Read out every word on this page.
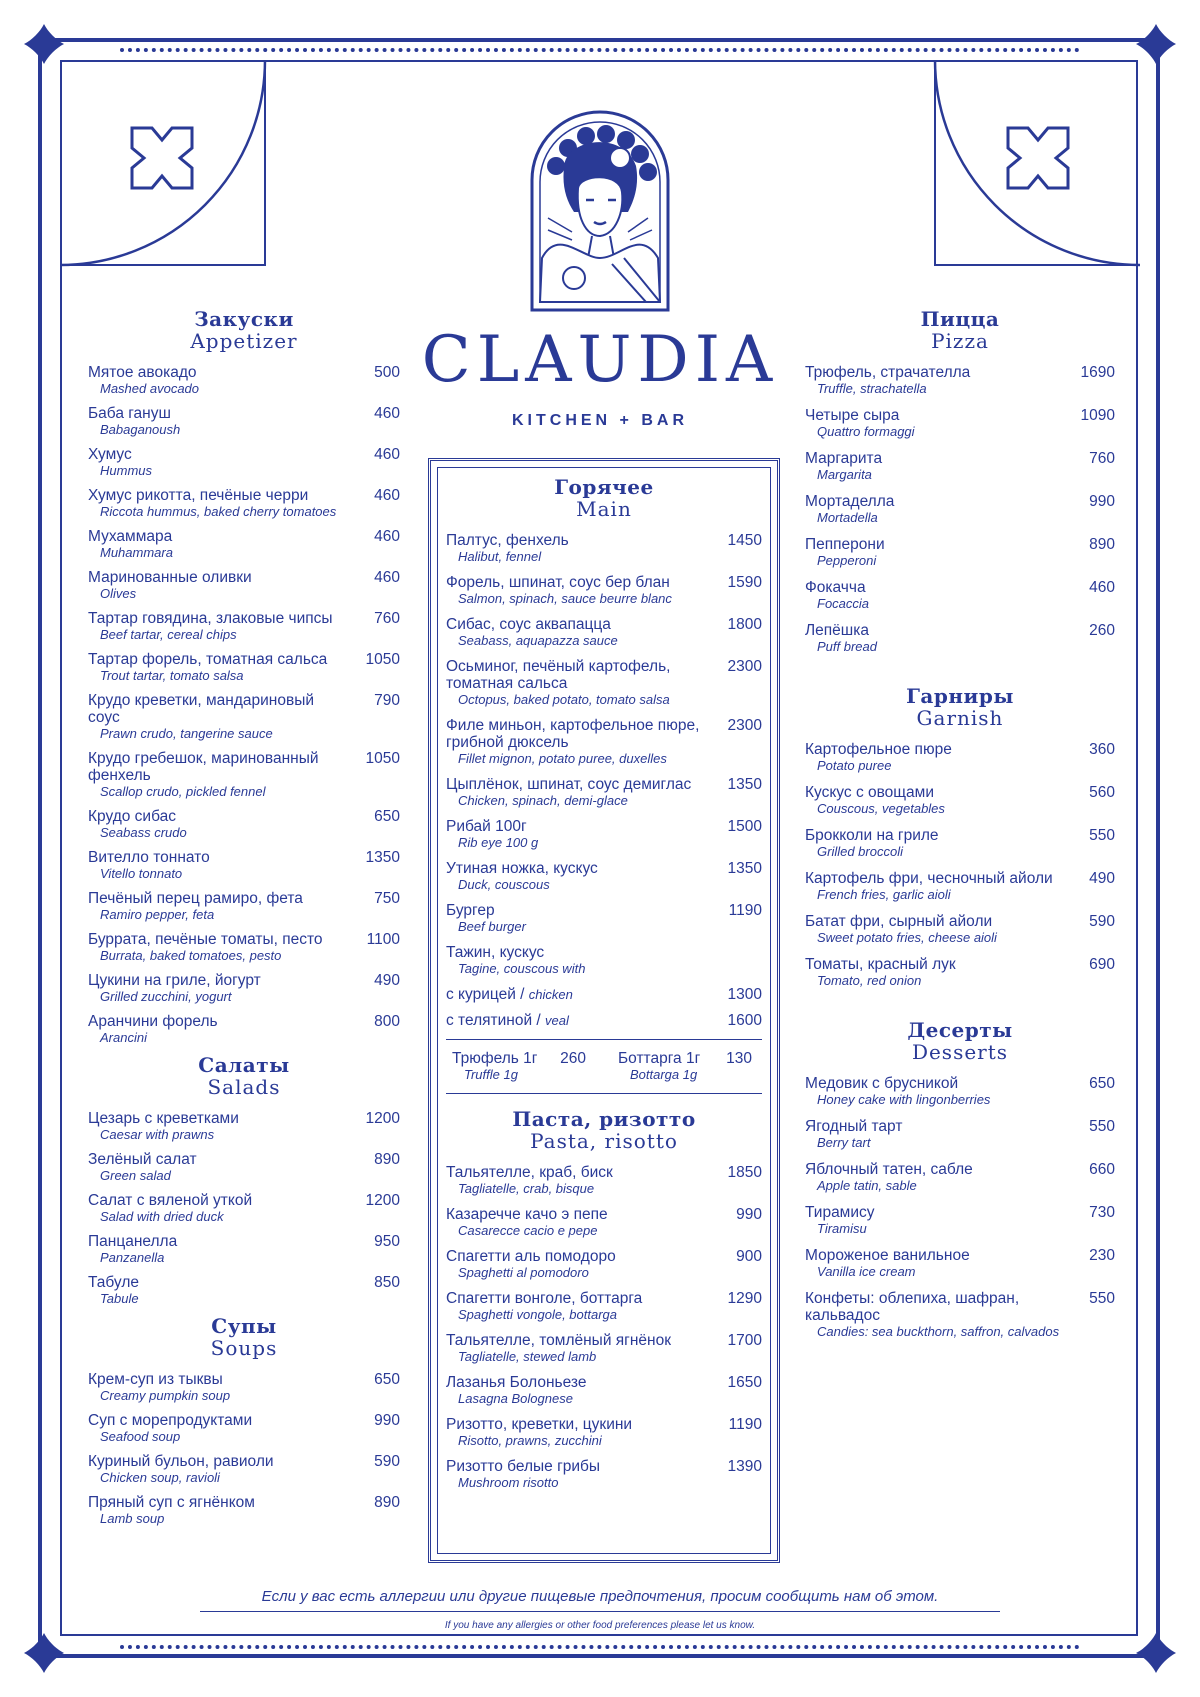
CLAUDIA
KITCHEN + BAR
Закуски
Appetizer
Мятое авокадо
Mashed avocado
500
Баба гануш
Babaganoush
460
Хумус
Hummus
460
Хумус рикотта, печёные черри
Riccota hummus, baked cherry tomatoes
460
Мухаммара
Muhammara
460
Маринованные оливки
Olives
460
Тартар говядина, злаковые чипсы
Beef tartar, cereal chips
760
Тартар форель, томатная сальса
Trout tartar, tomato salsa
1050
Крудо креветки, мандариновый соус
Prawn crudo, tangerine sauce
790
Крудо гребешок, маринованный фенхель
Scallop crudo, pickled fennel
1050
Крудо сибас
Seabass crudo
650
Вителло тоннато
Vitello tonnato
1350
Печёный перец рамиро, фета
Ramiro pepper, feta
750
Буррата, печёные томаты, песто
Burrata, baked tomatoes, pesto
1100
Цукини на гриле, йогурт
Grilled zucchini, yogurt
490
Аранчини форель
Arancini
800
Салаты
Salads
Цезарь с креветками
Caesar with prawns
1200
Зелёный салат
Green salad
890
Салат с вяленой уткой
Salad with dried duck
1200
Панцанелла
Panzanella
950
Табуле
Tabule
850
Супы
Soups
Крем-суп из тыквы
Creamy pumpkin soup
650
Суп с морепродуктами
Seafood soup
990
Куриный бульон, равиоли
Chicken soup, ravioli
590
Пряный суп с ягнёнком
Lamb soup
890
Горячее
Main
Палтус, фенхель
Halibut, fennel
1450
Форель, шпинат, соус бер блан
Salmon, spinach, sauce beurre blanc
1590
Сибас, соус аквапацца
Seabass, aquapazza sauce
1800
Осьминог, печёный картофель, томатная сальса
Octopus, baked potato, tomato salsa
2300
Филе миньон, картофельное пюре, грибной дюксель
Fillet mignon, potato puree, duxelles
2300
Цыплёнок, шпинат, соус демиглас
Chicken, spinach, demi-glace
1350
Рибай 100г
Rib eye 100 g
1500
Утиная ножка, кускус
Duck, couscous
1350
Бургер
Beef burger
1190
Тажин, кускус
Tagine, couscous with
с курицей / chicken	1300
с телятиной / veal	1600
Трюфель 1г 260
Truffle 1g
Боттарга 1г 130
Bottarga 1g
Паста, ризотто
Pasta, risotto
Тальятелле, краб, биск
Tagliatelle, crab, bisque
1850
Казаречче качо э пепе
Casarecce cacio e pepe
990
Спагетти аль помодоро
Spaghetti al pomodoro
900
Спагетти вонголе, боттарга
Spaghetti vongole, bottarga
1290
Тальятелле, томлёный ягнёнок
Tagliatelle, stewed lamb
1700
Лазанья Болоньезе
Lasagna Bolognese
1650
Ризотто, креветки, цукини
Risotto, prawns, zucchini
1190
Ризотто белые грибы
Mushroom risotto
1390
Пицца
Pizza
Трюфель, страчателла
Truffle, strachatella
1690
Четыре сыра
Quattro formaggi
1090
Маргарита
Margarita
760
Мортаделла
Mortadella
990
Пепперони
Pepperoni
890
Фокачча
Focaccia
460
Лепёшка
Puff bread
260
Гарниры
Garnish
Картофельное пюре
Potato puree
360
Кускус с овощами
Couscous, vegetables
560
Брокколи на гриле
Grilled broccoli
550
Картофель фри, чесночный айоли
French fries, garlic aioli
490
Батат фри, сырный айоли
Sweet potato fries, cheese aioli
590
Томаты, красный лук
Tomato, red onion
690
Десерты
Desserts
Медовик с брусникой
Honey cake with lingonberries
650
Ягодный тарт
Berry tart
550
Яблочный татен, сабле
Apple tatin, sable
660
Тирамису
Tiramisu
730
Мороженое ванильное
Vanilla ice cream
230
Конфеты: облепиха, шафран, кальвадос
Candies: sea buckthorn, saffron, calvados
550
Если у вас есть аллергии или другие пищевые предпочтения, просим сообщить нам об этом.
If you have any allergies or other food preferences please let us know.
